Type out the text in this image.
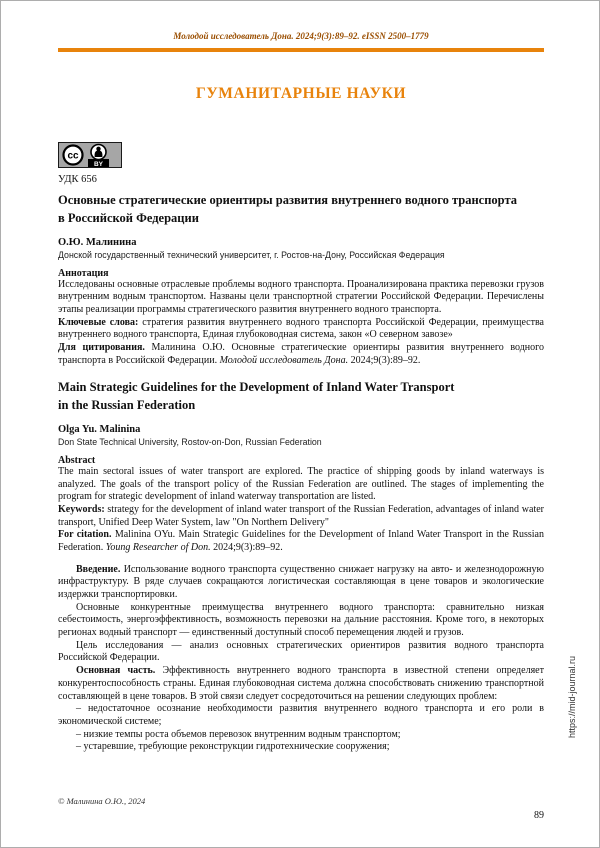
Молодой исследователь Дона. 2024;9(3):89–92. eISSN 2500–1779
ГУМАНИТАРНЫЕ НАУКИ
cc
BY
УДК 656
Основные стратегические ориентиры развития внутреннего водного транспорта
в Российской Федерации
О.Ю. Малинина
Донской государственный технический университет, г. Ростов-на-Дону, Российская Федерация
Аннотация

Исследованы основные отраслевые проблемы водного транспорта. Проанализирована практика перевозки грузов внутренним водным транспортом. Названы цели транспортной стратегии Российской Федерации. Перечислены этапы реализации программы стратегического развития внутреннего водного транспорта.

Ключевые слова: стратегия развития внутреннего водного транспорта Российской Федерации, преимущества внутреннего водного транспорта, Единая глубоководная система, закон «О северном завозе»

Для цитирования. Малинина О.Ю. Основные стратегические ориентиры развития внутреннего водного транспорта в Российской Федерации. Молодой исследователь Дона. 2024;9(3):89–92.

Main Strategic Guidelines for the Development of Inland Water Transport
in the Russian Federation
Olga Yu. Malinina
Don State Technical University, Rostov-on-Don, Russian Federation
Abstract

The main sectoral issues of water transport are explored. The practice of shipping goods by inland waterways is analyzed. The goals of the transport policy of the Russian Federation are outlined. The stages of implementing the program for strategic development of inland waterway transportation are listed.

Keywords: strategy for the development of inland water transport of the Russian Federation, advantages of inland water transport, Unified Deep Water System, law "On Northern Delivery"

For citation. Malinina OYu. Main Strategic Guidelines for the Development of Inland Water Transport in the Russian Federation. Young Researcher of Don. 2024;9(3):89–92.

Введение. Использование водного транспорта существенно снижает нагрузку на авто- и железнодорожную инфраструктуру. В ряде случаев сокращаются логистическая составляющая в цене товаров и экологические издержки транспортировки.

Основные конкурентные преимущества внутреннего водного транспорта: сравнительно низкая себестоимость, энергоэффективность, возможность перевозки на дальние расстояния. Кроме того, в некоторых регионах водный транспорт — единственный доступный способ перемещения людей и грузов.

Цель исследования — анализ основных стратегических ориентиров развития водного транспорта Российской Федерации.

Основная часть. Эффективность внутреннего водного транспорта в известной степени определяет конкурентоспособность страны. Единая глубоководная система должна способствовать снижению транспортной составляющей в цене товаров. В этой связи следует сосредоточиться на решении следующих проблем:

– недостаточное осознание необходимости развития внутреннего водного транспорта и его роли в экономической системе;

– низкие темпы роста объемов перевозок внутренним водным транспортом;

– устаревшие, требующие реконструкции гидротехнические сооружения;

https://mid-journal.ru
© Малинина О.Ю., 2024
89
